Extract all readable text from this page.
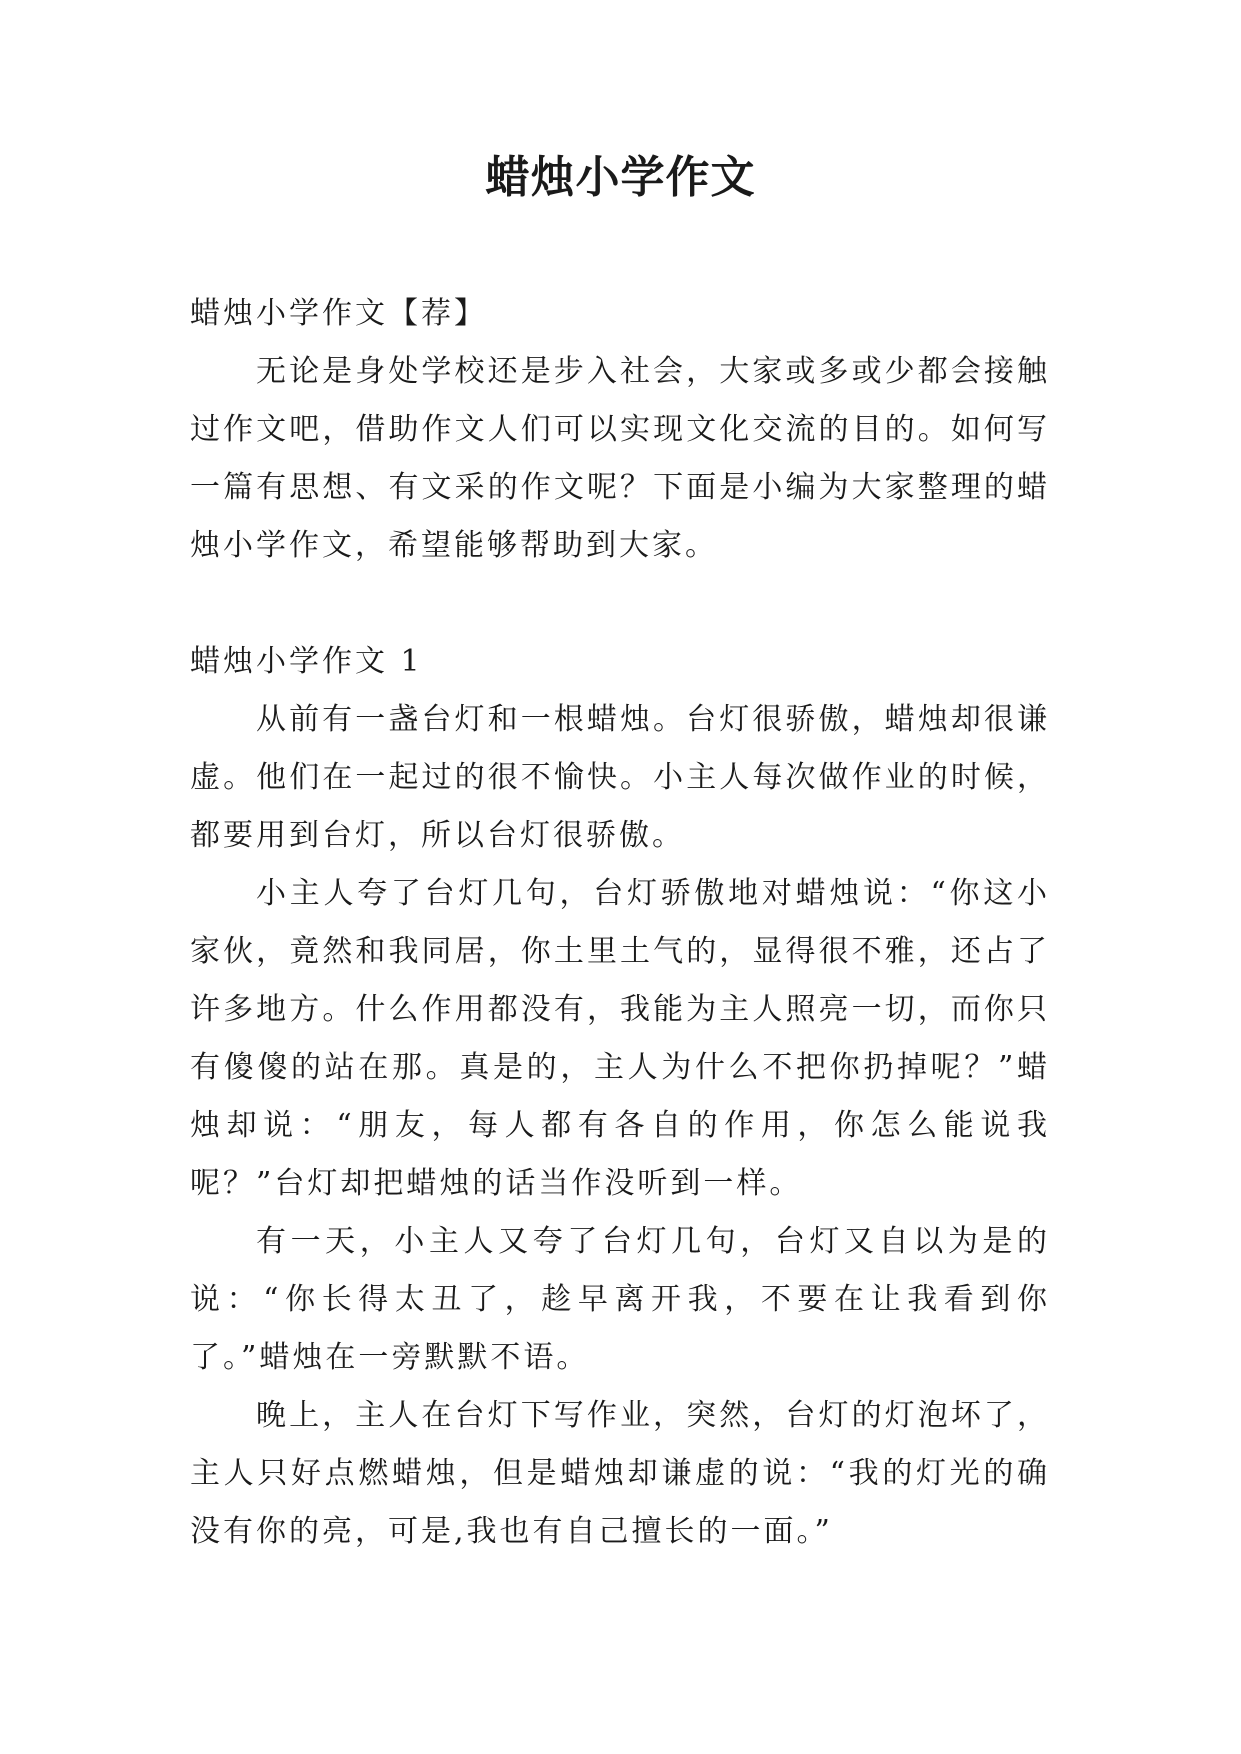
蜡烛小学作文

蜡烛小学作文【荐】

无论是身处学校还是步入社会，大家或多或少都会接触过作文吧，借助作文人们可以实现文化交流的目的。如何写一篇有思想、有文采的作文呢？下面是小编为大家整理的蜡烛小学作文，希望能够帮助到大家。

蜡烛小学作文 1

从前有一盏台灯和一根蜡烛。台灯很骄傲，蜡烛却很谦虚。他们在一起过的很不愉快。小主人每次做作业的时候，都要用到台灯，所以台灯很骄傲。

小主人夸了台灯几句，台灯骄傲地对蜡烛说：“你这小家伙，竟然和我同居，你土里土气的，显得很不雅，还占了许多地方。什么作用都没有，我能为主人照亮一切，而你只有傻傻的站在那。真是的，主人为什么不把你扔掉呢？”蜡烛却说：“朋友，每人都有各自的作用，你怎么能说我呢？”台灯却把蜡烛的话当作没听到一样。

有一天，小主人又夸了台灯几句，台灯又自以为是的说：“你长得太丑了，趁早离开我，不要在让我看到你了。”蜡烛在一旁默默不语。

晚上，主人在台灯下写作业，突然，台灯的灯泡坏了，主人只好点燃蜡烛，但是蜡烛却谦虚的说：“我的灯光的确没有你的亮，可是,我也有自己擅长的一面。”
